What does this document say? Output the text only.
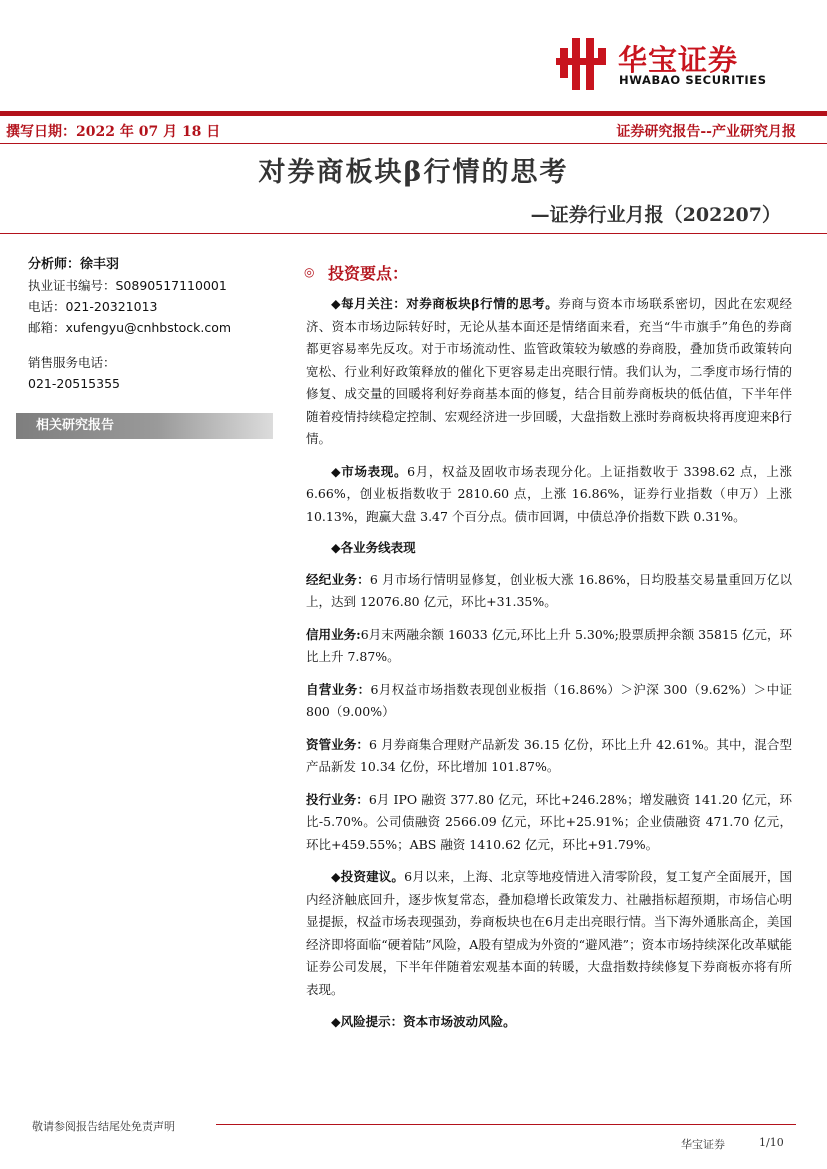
华宝证券
HWABAO SECURITIES
撰写日期：2022 年 07 月 18 日	证券研究报告--产业研究月报
对券商板块β行情的思考
—证券行业月报（202207）
分析师：徐丰羽
执业证书编号：S0890517110001
电话：021-20321013
邮箱：xufengyu@cnhbstock.com
销售服务电话：
021-20515355
相关研究报告
◎ 投资要点：
◆每月关注：对券商板块β行情的思考。券商与资本市场联系密切，因此在宏观经济、资本市场边际转好时，无论从基本面还是情绪面来看，充当“牛市旗手”角色的券商都更容易率先反攻。对于市场流动性、监管政策较为敏感的券商股，叠加货币政策转向宽松、行业利好政策释放的催化下更容易走出亮眼行情。我们认为，二季度市场行情的修复、成交量的回暖将利好券商基本面的修复，结合目前券商板块的低估值，下半年伴随着疫情持续稳定控制、宏观经济进一步回暖，大盘指数上涨时券商板块将再度迎来β行情。
◆市场表现。6月，权益及固收市场表现分化。上证指数收于 3398.62 点，上涨 6.66%，创业板指数收于 2810.60 点，上涨 16.86%，证券行业指数（申万）上涨 10.13%，跑赢大盘 3.47 个百分点。债市回调，中债总净价指数下跌 0.31%。
◆各业务线表现
经纪业务：6 月市场行情明显修复，创业板大涨 16.86%，日均股基交易量重回万亿以上，达到 12076.80 亿元，环比+31.35%。
信用业务:6月末两融余额 16033 亿元,环比上升 5.30%;股票质押余额 35815 亿元，环比上升 7.87%。
自营业务：6月权益市场指数表现创业板指（16.86%）＞沪深 300（9.62%）＞中证 800（9.00%）
资管业务：6 月券商集合理财产品新发 36.15 亿份，环比上升 42.61%。其中，混合型产品新发 10.34 亿份，环比增加 101.87%。
投行业务：6月 IPO 融资 377.80 亿元，环比+246.28%；增发融资 141.20 亿元，环比-5.70%。公司债融资 2566.09 亿元，环比+25.91%；企业债融资 471.70 亿元，环比+459.55%；ABS 融资 1410.62 亿元，环比+91.79%。
◆投资建议。6月以来，上海、北京等地疫情进入清零阶段，复工复产全面展开，国内经济触底回升，逐步恢复常态，叠加稳增长政策发力、社融指标超预期，市场信心明显提振，权益市场表现强劲，券商板块也在6月走出亮眼行情。当下海外通胀高企，美国经济即将面临“硬着陆”风险，A股有望成为外资的“避风港”；资本市场持续深化改革赋能证券公司发展，下半年伴随着宏观基本面的转暖，大盘指数持续修复下券商板亦将有所表现。
◆风险提示：资本市场波动风险。
敬请参阅报告结尾处免责声明
华宝证券	1/10
